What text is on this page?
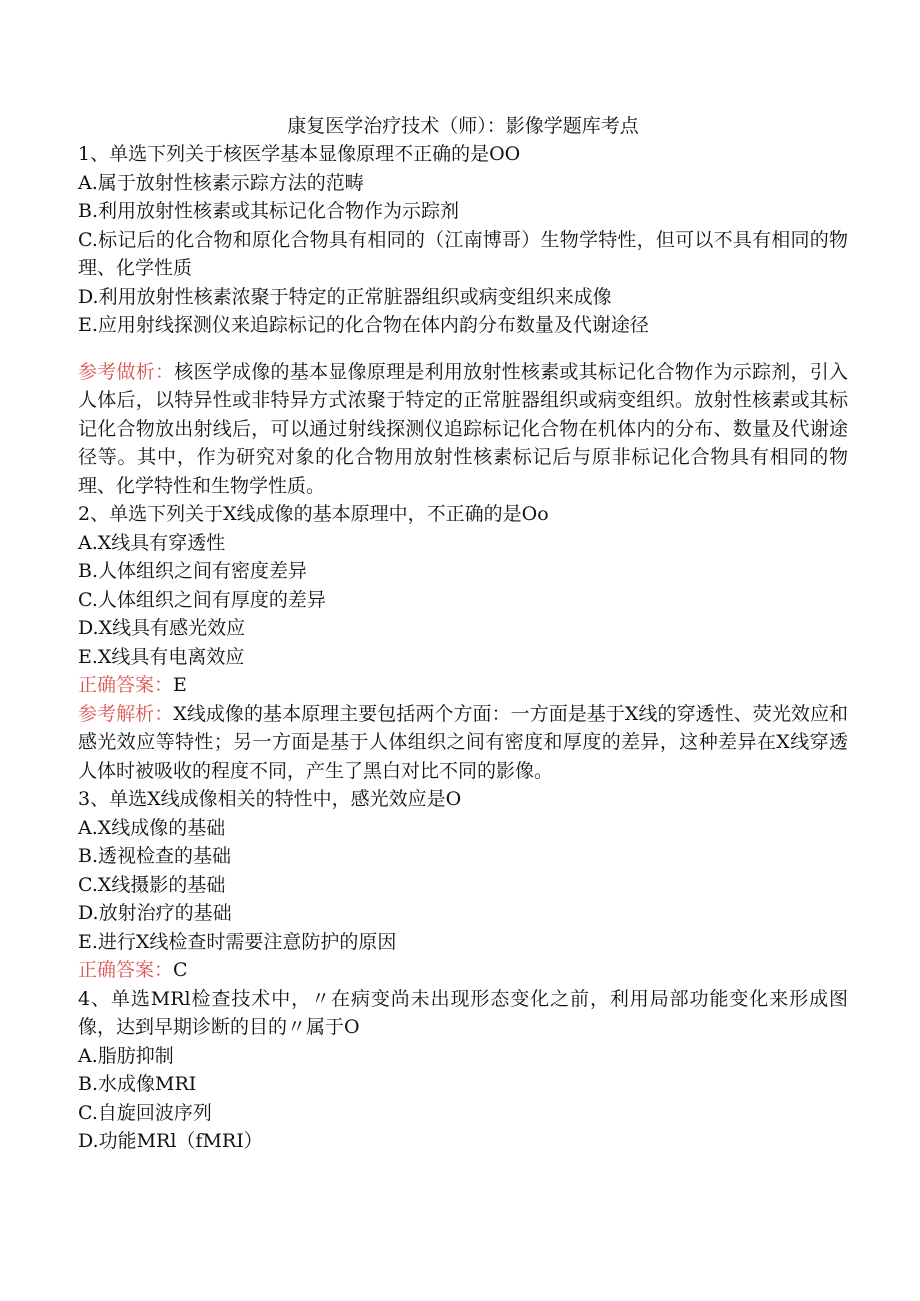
康复医学治疗技术（师）：影像学题库考点

1、单选下列关于核医学基本显像原理不正确的是OO

A.属于放射性核素示踪方法的范畴

B.利用放射性核素或其标记化合物作为示踪剂

C.标记后的化合物和原化合物具有相同的（江南博哥）生物学特性，但可以不具有相同的物理、化学性质

D.利用放射性核素浓聚于特定的正常脏器组织或病变组织来成像

E.应用射线探测仪来追踪标记的化合物在体内韵分布数量及代谢途径

参考做析：核医学成像的基本显像原理是利用放射性核素或其标记化合物作为示踪剂，引入人体后，以特异性或非特异方式浓聚于特定的正常脏器组织或病变组织。放射性核素或其标记化合物放出射线后，可以通过射线探测仪追踪标记化合物在机体内的分布、数量及代谢途径等。其中，作为研究对象的化合物用放射性核素标记后与原非标记化合物具有相同的物理、化学特性和生物学性质。

2、单选下列关于X线成像的基本原理中，不正确的是Oo

A.X线具有穿透性

B.人体组织之间有密度差异

C.人体组织之间有厚度的差异

D.X线具有感光效应

E.X线具有电离效应

正确答案：E

参考解析：X线成像的基本原理主要包括两个方面：一方面是基于X线的穿透性、荧光效应和感光效应等特性；另一方面是基于人体组织之间有密度和厚度的差异，这种差异在X线穿透人体时被吸收的程度不同，产生了黑白对比不同的影像。

3、单选X线成像相关的特性中，感光效应是O

A.X线成像的基础

B.透视检查的基础

C.X线摄影的基础

D.放射治疗的基础

E.进行X线检查时需要注意防护的原因

正确答案：C

4、单选MRl检查技术中，〃在病变尚未出现形态变化之前，利用局部功能变化来形成图像，达到早期诊断的目的〃属于O

A.脂肪抑制

B.水成像MRI

C.自旋回波序列

D.功能MRl（fMRI）
